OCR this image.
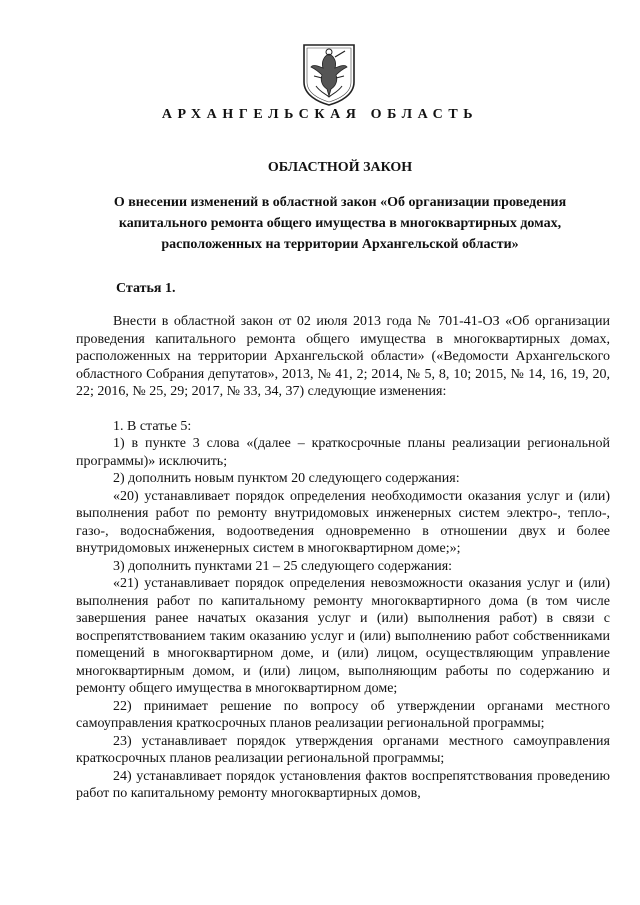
АРХАНГЕЛЬСКАЯ ОБЛАСТЬ
ОБЛАСТНОЙ ЗАКОН
О внесении изменений в областной закон «Об организации проведения капитального ремонта общего имущества в многоквартирных домах, расположенных на территории Архангельской области»
Статья 1.

Внести в областной закон от 02 июля 2013 года № 701-41-ОЗ «Об организации проведения капитального ремонта общего имущества в многоквартирных домах, расположенных на территории Архангельской области» («Ведомости Архангельского областного Собрания депутатов», 2013, № 41, 2; 2014, № 5, 8, 10; 2015, № 14, 16, 19, 20, 22; 2016, № 25, 29; 2017, № 33, 34, 37) следующие изменения:

1. В статье 5:

1) в пункте 3 слова «(далее – краткосрочные планы реализации региональной программы)» исключить;

2) дополнить новым пунктом 20 следующего содержания:

«20) устанавливает порядок определения необходимости оказания услуг и (или) выполнения работ по ремонту внутридомовых инженерных систем электро-, тепло-, газо-, водоснабжения, водоотведения одновременно в отношении двух и более внутридомовых инженерных систем в многоквартирном доме;»;

3) дополнить пунктами 21 – 25 следующего содержания:

«21) устанавливает порядок определения невозможности оказания услуг и (или) выполнения работ по капитальному ремонту многоквартирного дома (в том числе завершения ранее начатых оказания услуг и (или) выполнения работ) в связи с воспрепятствованием таким оказанию услуг и (или) выполнению работ собственниками помещений в многоквартирном доме, и (или) лицом, осуществляющим управление многоквартирным домом, и (или) лицом, выполняющим работы по содержанию и ремонту общего имущества в многоквартирном доме;

22) принимает решение по вопросу об утверждении органами местного самоуправления краткосрочных планов реализации региональной программы;

23) устанавливает порядок утверждения органами местного самоуправления краткосрочных планов реализации региональной программы;

24) устанавливает порядок установления фактов воспрепятствования проведению работ по капитальному ремонту многоквартирных домов,
